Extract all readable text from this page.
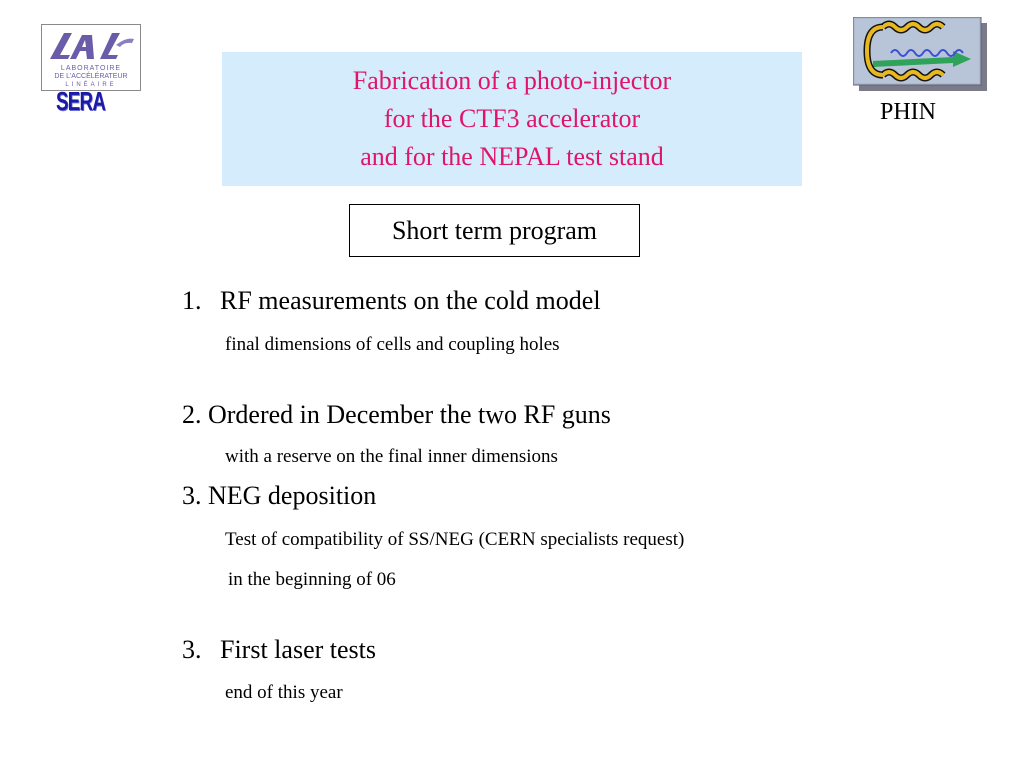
LABORATOIRE
DE L'ACCÉLÉRATEUR
LINÉAIRE
SERA	PHIN
Fabrication of a photo-injector
for the CTF3 accelerator
and for the NEPAL test stand
Short term program
1. RF measurements on the cold model
final dimensions of cells and coupling holes
2. Ordered in December the two RF guns
with a reserve on the final inner dimensions
3. NEG deposition
Test of compatibility of SS/NEG (CERN specialists request)
in the beginning of 06
3. First laser tests
end of this year
